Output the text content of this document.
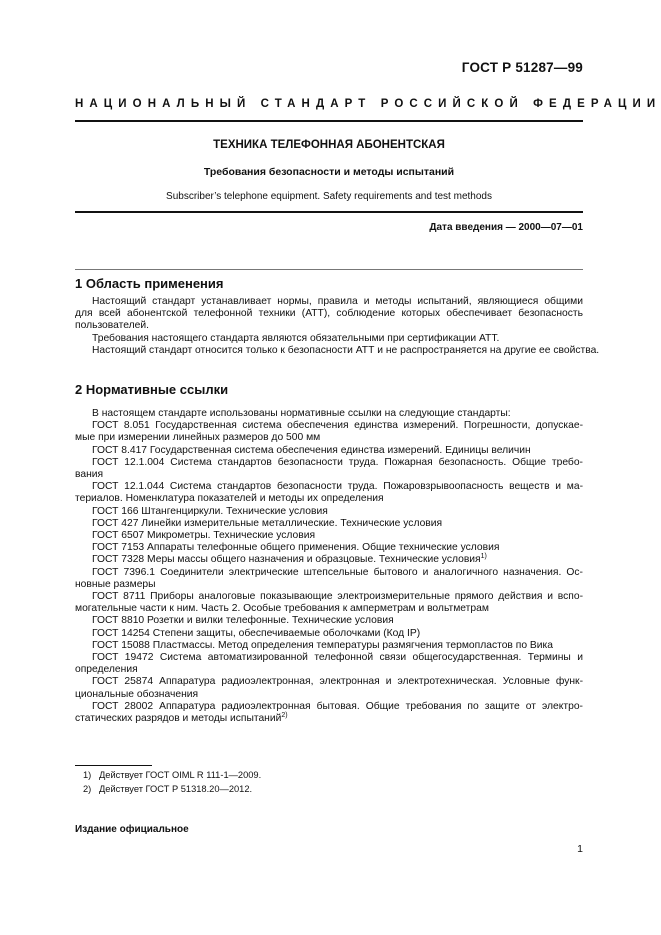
ГОСТ Р 51287—99
НАЦИОНАЛЬНЫЙ СТАНДАРТ РОССИЙСКОЙ ФЕДЕРАЦИИ
ТЕХНИКА ТЕЛЕФОННАЯ АБОНЕНТСКАЯ
Требования безопасности и методы испытаний
Subscriber’s telephone equipment. Safety requirements and test methods
Дата введения — 2000—07—01
1 Область применения
Настоящий стандарт устанавливает нормы, правила и методы испытаний, являющиеся общими
для всей абонентской телефонной техники (АТТ), соблюдение которых обеспечивает безопасность
пользователей.
Требования настоящего стандарта являются обязательными при сертификации АТТ.
Настоящий стандарт относится только к безопасности АТТ и не распространяется на другие ее свойства.
2 Нормативные ссылки
В настоящем стандарте использованы нормативные ссылки на следующие стандарты:
ГОСТ 8.051 Государственная система обеспечения единства измерений. Погрешности, допускае-
мые при измерении линейных размеров до 500 мм
ГОСТ 8.417 Государственная система обеспечения единства измерений. Единицы величин
ГОСТ 12.1.004 Система стандартов безопасности труда. Пожарная безопасность. Общие требо-
вания
ГОСТ 12.1.044 Система стандартов безопасности труда. Пожаровзрывоопасность веществ и ма-
териалов. Номенклатура показателей и методы их определения
ГОСТ 166 Штангенциркули. Технические условия
ГОСТ 427 Линейки измерительные металлические. Технические условия
ГОСТ 6507 Микрометры. Технические условия
ГОСТ 7153 Аппараты телефонные общего применения. Общие технические условия
ГОСТ 7328 Меры массы общего назначения и образцовые. Технические условия$^{1)}$
ГОСТ 7396.1 Соединители электрические штепсельные бытового и аналогичного назначения. Ос-
новные размеры
ГОСТ 8711 Приборы аналоговые показывающие электроизмерительные прямого действия и вспо-
могательные части к ним. Часть 2. Особые требования к амперметрам и вольтметрам
ГОСТ 8810 Розетки и вилки телефонные. Технические условия
ГОСТ 14254 Степени защиты, обеспечиваемые оболочками (Код IP)
ГОСТ 15088 Пластмассы. Метод определения температуры размягчения термопластов по Вика
ГОСТ 19472 Система автоматизированной телефонной связи общегосударственная. Термины и
определения
ГОСТ 25874 Аппаратура радиоэлектронная, электронная и электротехническая. Условные функ-
циональные обозначения
ГОСТ 28002 Аппаратура радиоэлектронная бытовая. Общие требования по защите от электро-
статических разрядов и методы испытаний$^{2)}$
1) Действует ГОСТ OIML R 111-1—2009.
2) Действует ГОСТ Р 51318.20—2012.
Издание официальное
1
